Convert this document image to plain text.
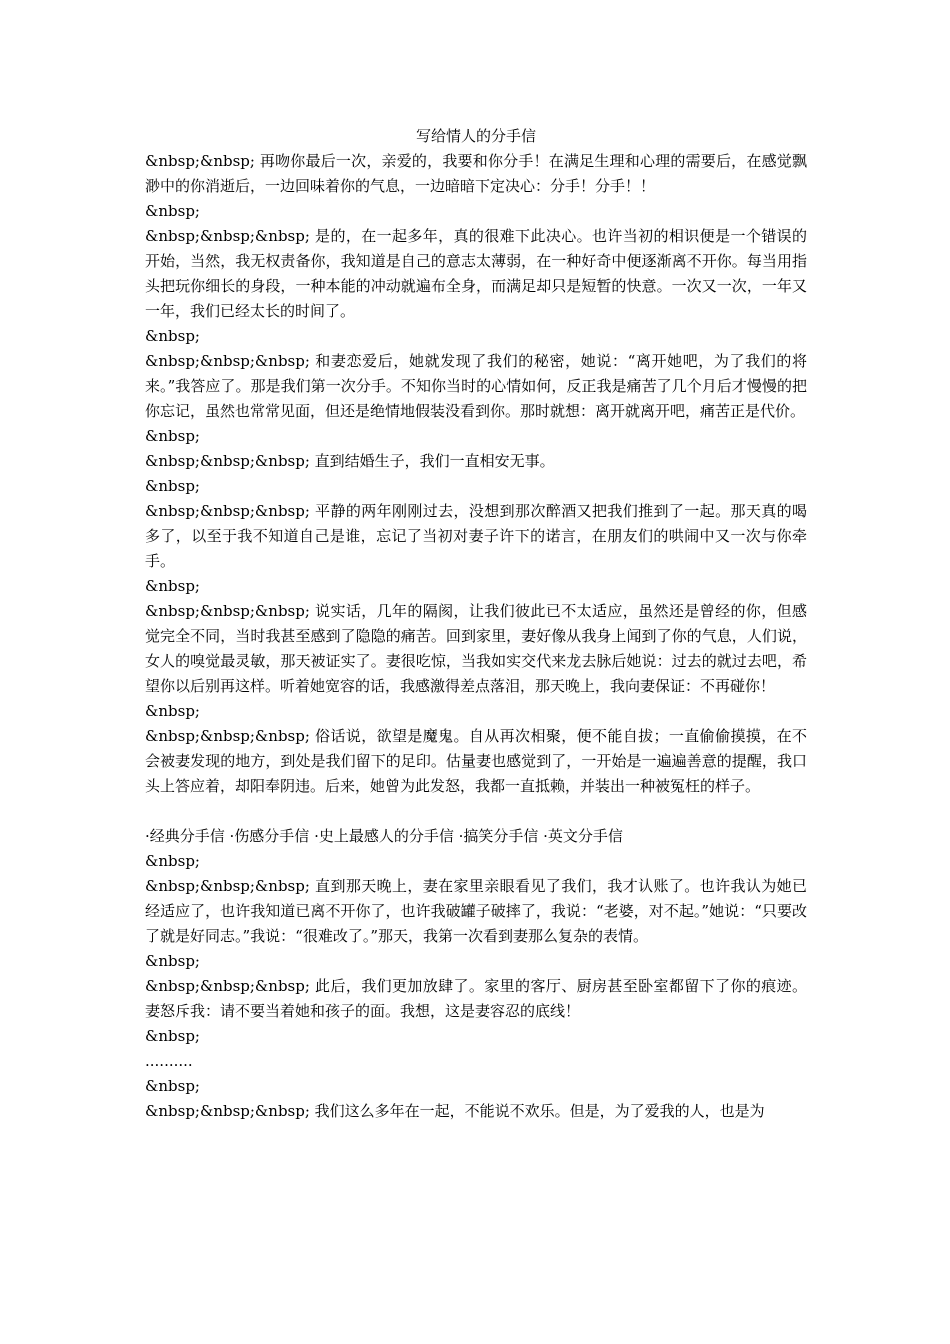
写给情人的分手信

&nbsp;&nbsp; 再吻你最后一次，亲爱的，我要和你分手！在满足生理和心理的需要后，在感觉飘渺中的你消逝后，一边回味着你的气息，一边暗暗下定决心：分手！分手！！

&nbsp;

&nbsp;&nbsp;&nbsp; 是的，在一起多年，真的很难下此决心。也许当初的相识便是一个错误的开始，当然，我无权责备你，我知道是自己的意志太薄弱，在一种好奇中便逐渐离不开你。每当用指头把玩你细长的身段，一种本能的冲动就遍布全身，而满足却只是短暂的快意。一次又一次，一年又一年，我们已经太长的时间了。

&nbsp;

&nbsp;&nbsp;&nbsp; 和妻恋爱后，她就发现了我们的秘密，她说：“离开她吧，为了我们的将来。”我答应了。那是我们第一次分手。不知你当时的心情如何，反正我是痛苦了几个月后才慢慢的把你忘记，虽然也常常见面，但还是绝情地假装没看到你。那时就想：离开就离开吧，痛苦正是代价。

&nbsp;

&nbsp;&nbsp;&nbsp; 直到结婚生子，我们一直相安无事。

&nbsp;

&nbsp;&nbsp;&nbsp; 平静的两年刚刚过去，没想到那次醉酒又把我们推到了一起。那天真的喝多了，以至于我不知道自己是谁，忘记了当初对妻子许下的诺言，在朋友们的哄闹中又一次与你牵手。

&nbsp;

&nbsp;&nbsp;&nbsp; 说实话，几年的隔阂，让我们彼此已不太适应，虽然还是曾经的你，但感觉完全不同，当时我甚至感到了隐隐的痛苦。回到家里，妻好像从我身上闻到了你的气息，人们说，女人的嗅觉最灵敏，那天被证实了。妻很吃惊，当我如实交代来龙去脉后她说：过去的就过去吧，希望你以后别再这样。听着她宽容的话，我感激得差点落泪，那天晚上，我向妻保证：不再碰你！

&nbsp;

&nbsp;&nbsp;&nbsp; 俗话说，欲望是魔鬼。自从再次相聚，便不能自拔；一直偷偷摸摸，在不会被妻发现的地方，到处是我们留下的足印。估量妻也感觉到了，一开始是一遍遍善意的提醒，我口头上答应着，却阳奉阴违。后来，她曾为此发怒，我都一直抵赖，并装出一种被冤枉的样子。

·经典分手信 ·伤感分手信 ·史上最感人的分手信 ·搞笑分手信 ·英文分手信

&nbsp;

&nbsp;&nbsp;&nbsp; 直到那天晚上，妻在家里亲眼看见了我们，我才认账了。也许我认为她已经适应了，也许我知道已离不开你了，也许我破罐子破摔了，我说：“老婆，对不起。”她说：“只要改了就是好同志。”我说：“很难改了。”那天，我第一次看到妻那么复杂的表情。

&nbsp;

&nbsp;&nbsp;&nbsp; 此后，我们更加放肆了。家里的客厅、厨房甚至卧室都留下了你的痕迹。妻怒斥我：请不要当着她和孩子的面。我想，这是妻容忍的底线！

&nbsp;

..........

&nbsp;

&nbsp;&nbsp;&nbsp; 我们这么多年在一起，不能说不欢乐。但是，为了爱我的人，也是为
